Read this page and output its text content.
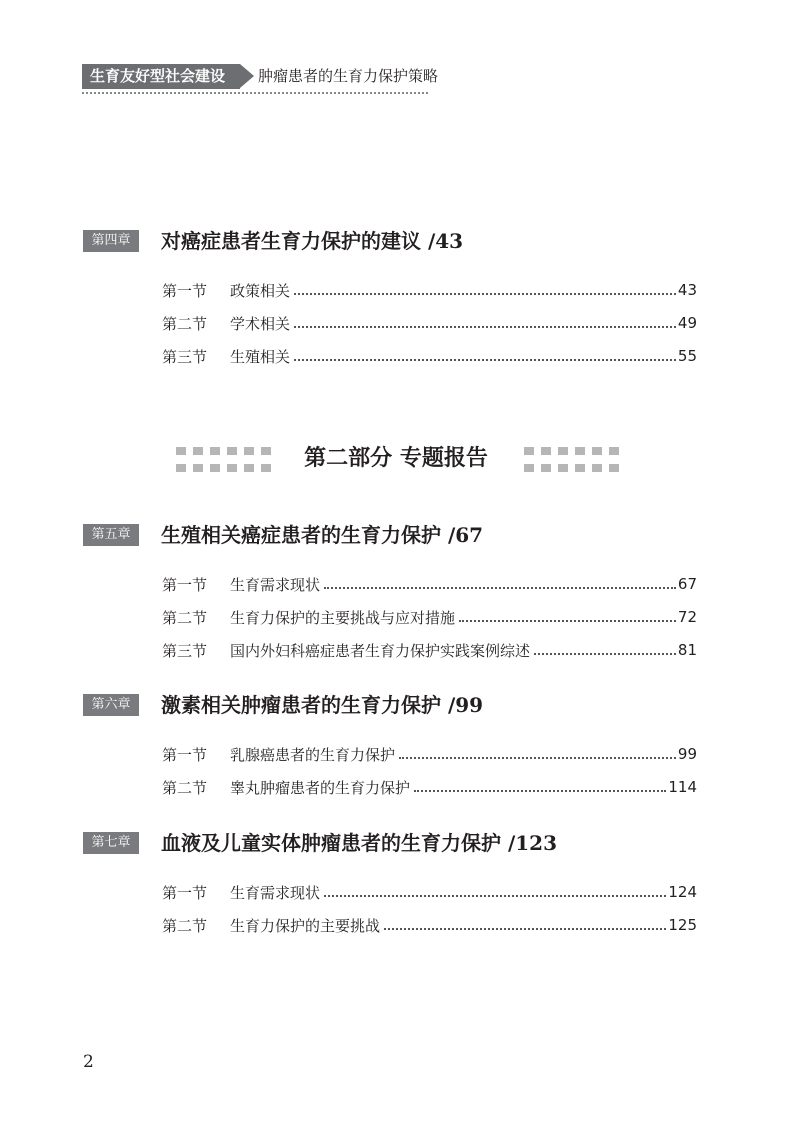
生育友好型社会建设	肿瘤患者的生育力保护策略
第四章	对癌症患者生育力保护的建议 /43
第一节	政策相关	43
第二节	学术相关	49
第三节	生殖相关	55
第二部分 专题报告
第五章	生殖相关癌症患者的生育力保护 /67
第一节	生育需求现状	67
第二节	生育力保护的主要挑战与应对措施	72
第三节	国内外妇科癌症患者生育力保护实践案例综述	81
第六章	激素相关肿瘤患者的生育力保护 /99
第一节	乳腺癌患者的生育力保护	99
第二节	睾丸肿瘤患者的生育力保护	114
第七章	血液及儿童实体肿瘤患者的生育力保护 /123
第一节	生育需求现状	124
第二节	生育力保护的主要挑战	125
2
